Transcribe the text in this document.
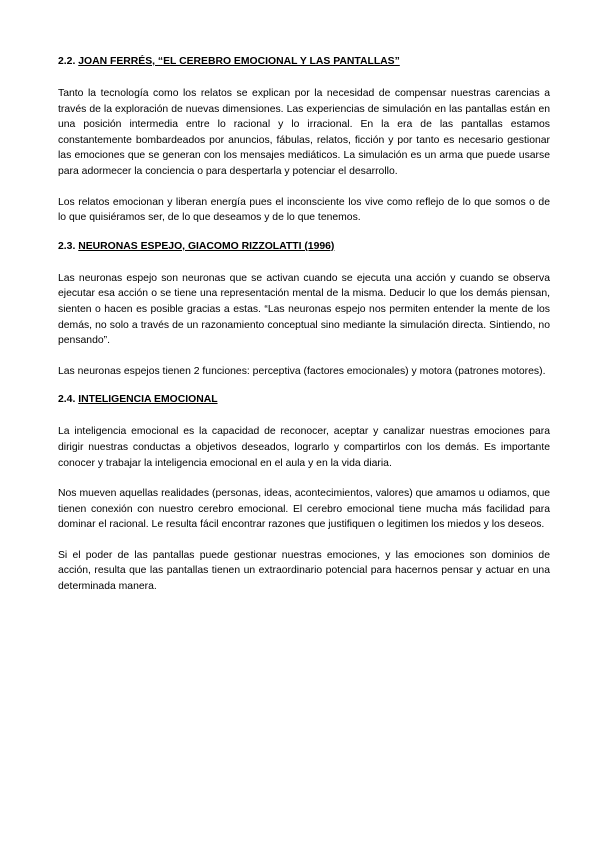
2.2. JOAN FERRÉS, “EL CEREBRO EMOCIONAL Y LAS PANTALLAS”

Tanto la tecnología como los relatos se explican por la necesidad de compensar nuestras carencias a través de la exploración de nuevas dimensiones. Las experiencias de simulación en las pantallas están en una posición intermedia entre lo racional y lo irracional. En la era de las pantallas estamos constantemente bombardeados por anuncios, fábulas, relatos, ficción y por tanto es necesario gestionar las emociones que se generan con los mensajes mediáticos. La simulación es un arma que puede usarse para adormecer la conciencia o para despertarla y potenciar el desarrollo.

Los relatos emocionan y liberan energía pues el inconsciente los vive como reflejo de lo que somos o de lo que quisiéramos ser, de lo que deseamos y de lo que tenemos.

2.3. NEURONAS ESPEJO, GIACOMO RIZZOLATTI (1996)

Las neuronas espejo son neuronas que se activan cuando se ejecuta una acción y cuando se observa ejecutar esa acción o se tiene una representación mental de la misma. Deducir lo que los demás piensan, sienten o hacen es posible gracias a estas. “Las neuronas espejo nos permiten entender la mente de los demás, no solo a través de un razonamiento conceptual sino mediante la simulación directa. Sintiendo, no pensando”.

Las neuronas espejos tienen 2 funciones: perceptiva (factores emocionales) y motora (patrones motores).

2.4. INTELIGENCIA EMOCIONAL

La inteligencia emocional es la capacidad de reconocer, aceptar y canalizar nuestras emociones para dirigir nuestras conductas a objetivos deseados, lograrlo y compartirlos con los demás. Es importante conocer y trabajar la inteligencia emocional en el aula y en la vida diaria.

Nos mueven aquellas realidades (personas, ideas, acontecimientos, valores) que amamos u odiamos, que tienen conexión con nuestro cerebro emocional. El cerebro emocional tiene mucha más facilidad para dominar el racional. Le resulta fácil encontrar razones que justifiquen o legitimen los miedos y los deseos.

Si el poder de las pantallas puede gestionar nuestras emociones, y las emociones son dominios de acción, resulta que las pantallas tienen un extraordinario potencial para hacernos pensar y actuar en una determinada manera.
